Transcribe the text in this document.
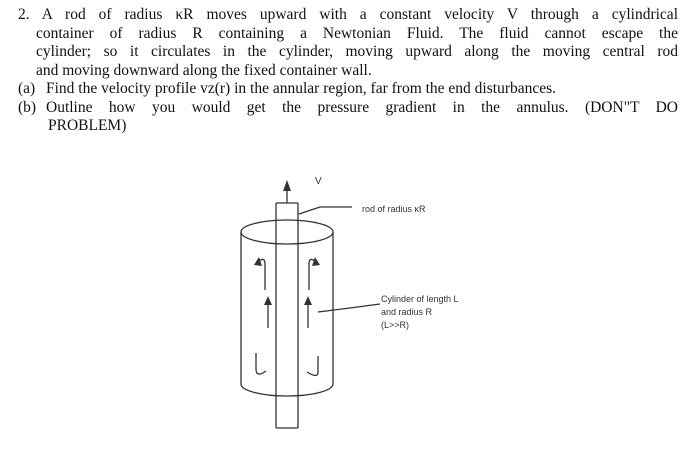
2. A rod of radius κR moves upward with a constant velocity V through a cylindrical
container of radius R containing a Newtonian Fluid. The fluid cannot escape the
cylinder; so it circulates in the cylinder, moving upward along the moving central rod
and moving downward along the fixed container wall.
(a) Find the velocity profile vz(r) in the annular region, far from the end disturbances.
(b) Outline how you would get the pressure gradient in the annulus. (DON"T DO
PROBLEM)
V
rod of radius κR
Cylinder of length L
and radius R
(L>>R)
